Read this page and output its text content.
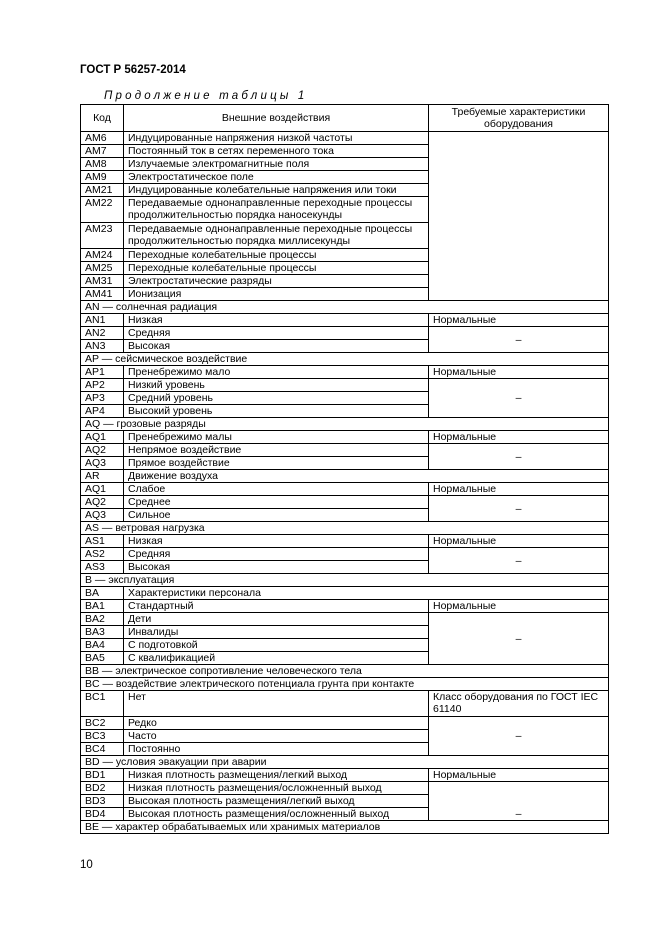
ГОСТ Р 56257-2014
Продолжение таблицы 1
Код	Внешние воздействия	Требуемые характеристики оборудования
AM6	Индуцированные напряжения низкой частоты	
AM7	Постоянный ток в сетях переменного тока	
AM8	Излучаемые электромагнитные поля	
AM9	Электростатическое поле	
AM21	Индуцированные колебательные напряжения или токи	
AM22	Передаваемые однонаправленные переходные процессы продолжительностью порядка наносекунды	
AM23	Передаваемые однонаправленные переходные процессы продолжительностью порядка миллисекунды	
AM24	Переходные колебательные процессы	
AM25	Переходные колебательные процессы	
AM31	Электростатические разряды	
AM41	Ионизация	
AN — солнечная радиация		
AN1	Низкая	Нормальные
AN2	Средняя	–
AN3	Высокая	
AP — сейсмическое воздействие		
AP1	Пренебрежимо мало	Нормальные
AP2	Низкий уровень	–
AP3	Средний уровень	
AP4	Высокий уровень	
AQ — грозовые разряды		
AQ1	Пренебрежимо малы	Нормальные
AQ2	Непрямое воздействие	–
AQ3	Прямое воздействие	
AR	Движение воздуха	
AQ1	Слабое	Нормальные
AQ2	Среднее	–
AQ3	Сильное	
AS — ветровая нагрузка		
AS1	Низкая	Нормальные
AS2	Средняя	–
AS3	Высокая	
B — эксплуатация		
BA	Характеристики персонала	
BA1	Стандартный	Нормальные
BA2	Дети	–
BA3	Инвалиды	
BA4	С подготовкой	
BA5	С квалификацией	
BB — электрическое сопротивление человеческого тела		
BC — воздействие электрического потенциала грунта при контакте		
BC1	Нет	Класс оборудования по ГОСТ IEC 61140
BC2	Редко	–
BC3	Часто	
BC4	Постоянно	
BD — условия эвакуации при аварии		
BD1	Низкая плотность размещения/легкий выход	Нормальные
BD2	Низкая плотность размещения/осложненный выход	–
BD3	Высокая плотность размещения/легкий выход	
BD4	Высокая плотность размещения/осложненный выход	
BE — характер обрабатываемых или хранимых материалов		
10
